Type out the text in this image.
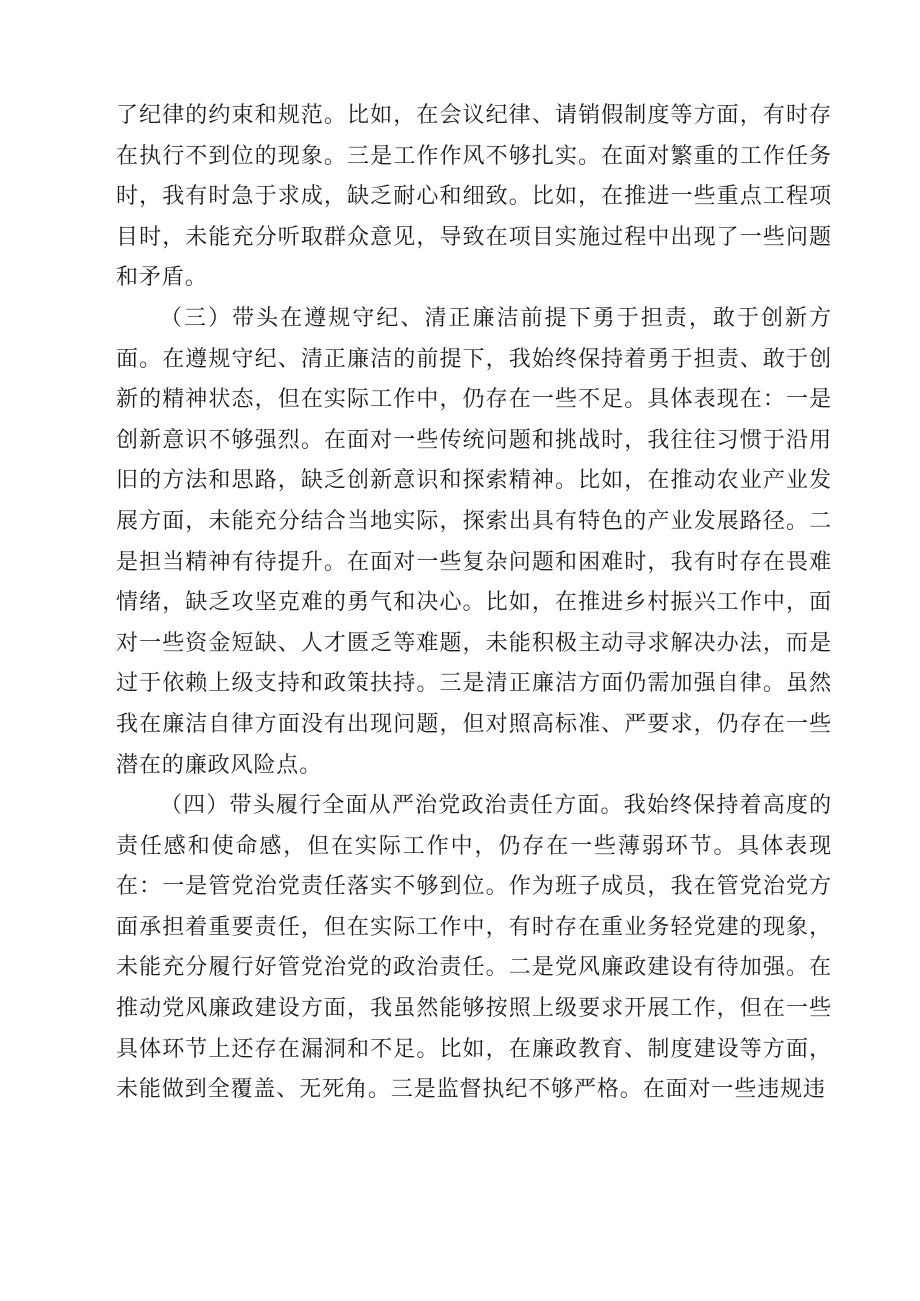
了纪律的约束和规范。比如，在会议纪律、请销假制度等方面，有时存在执行不到位的现象。三是工作作风不够扎实。在面对繁重的工作任务时，我有时急于求成，缺乏耐心和细致。比如，在推进一些重点工程项目时，未能充分听取群众意见，导致在项目实施过程中出现了一些问题和矛盾。

（三）带头在遵规守纪、清正廉洁前提下勇于担责，敢于创新方面。在遵规守纪、清正廉洁的前提下，我始终保持着勇于担责、敢于创新的精神状态，但在实际工作中，仍存在一些不足。具体表现在：一是创新意识不够强烈。在面对一些传统问题和挑战时，我往往习惯于沿用旧的方法和思路，缺乏创新意识和探索精神。比如，在推动农业产业发展方面，未能充分结合当地实际，探索出具有特色的产业发展路径。二是担当精神有待提升。在面对一些复杂问题和困难时，我有时存在畏难情绪，缺乏攻坚克难的勇气和决心。比如，在推进乡村振兴工作中，面对一些资金短缺、人才匮乏等难题，未能积极主动寻求解决办法，而是过于依赖上级支持和政策扶持。三是清正廉洁方面仍需加强自律。虽然我在廉洁自律方面没有出现问题，但对照高标准、严要求，仍存在一些潜在的廉政风险点。

（四）带头履行全面从严治党政治责任方面。我始终保持着高度的责任感和使命感，但在实际工作中，仍存在一些薄弱环节。具体表现在：一是管党治党责任落实不够到位。作为班子成员，我在管党治党方面承担着重要责任，但在实际工作中，有时存在重业务轻党建的现象，未能充分履行好管党治党的政治责任。二是党风廉政建设有待加强。在推动党风廉政建设方面，我虽然能够按照上级要求开展工作，但在一些具体环节上还存在漏洞和不足。比如，在廉政教育、制度建设等方面，未能做到全覆盖、无死角。三是监督执纪不够严格。在面对一些违规违
